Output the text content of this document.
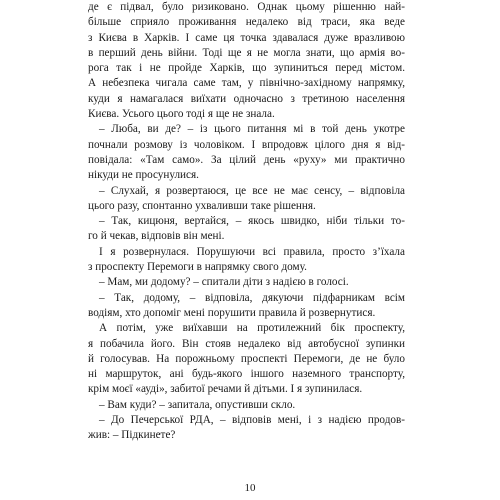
де є підвал, було ризиковано. Однак цьому рішенню най-
більше сприяло проживання недалеко від траси, яка веде
з Києва в Харків. І саме ця точка здавалася дуже вразливою
в перший день війни. Тоді ще я не могла знати, що армія во-
рога так і не пройде Харків, що зупиниться перед містом.
А небезпека чигала саме там, у північно-західному напрямку,
куди я намагалася виїхати одночасно з третиною населення
Києва. Усього цього тоді я ще не знала.
– Люба, ви де? – із цього питання мі в той день укотре
почнали розмову із чоловіком. І впродовж цілого дня я від-
повідала: «Там само». За цілий день «руху» ми практично
нікуди не просунулися.
– Слухай, я розвертаюся, це все не має сенсу, – відповіла
цього разу, спонтанно ухваливши таке рішення.
– Так, кицюня, вертайся, – якось швидко, ніби тільки то-
го й чекав, відповів він мені.
І я розвернулася. Порушуючи всі правила, просто з’їхала
з проспекту Перемоги в напрямку свого дому.
– Мам, ми додому? – спитали діти з надією в голосі.
– Так, додому, – відповіла, дякуючи підфарникам всім
водіям, хто допоміг мені порушити правила й розвернутися.
А потім, уже виїхавши на протилежний бік проспекту,
я побачила його. Він стояв недалеко від автобусної зупинки
й голосував. На порожньому проспекті Перемоги, де не було
ні маршруток, ані будь-якого іншого наземного транспорту,
крім моєї «ауді», забитої речами й дітьми. І я зупинилася.
– Вам куди? – запитала, опустивши скло.
– До Печерської РДА, – відповів мені, і з надією продов-
жив: – Підкинете?
10
